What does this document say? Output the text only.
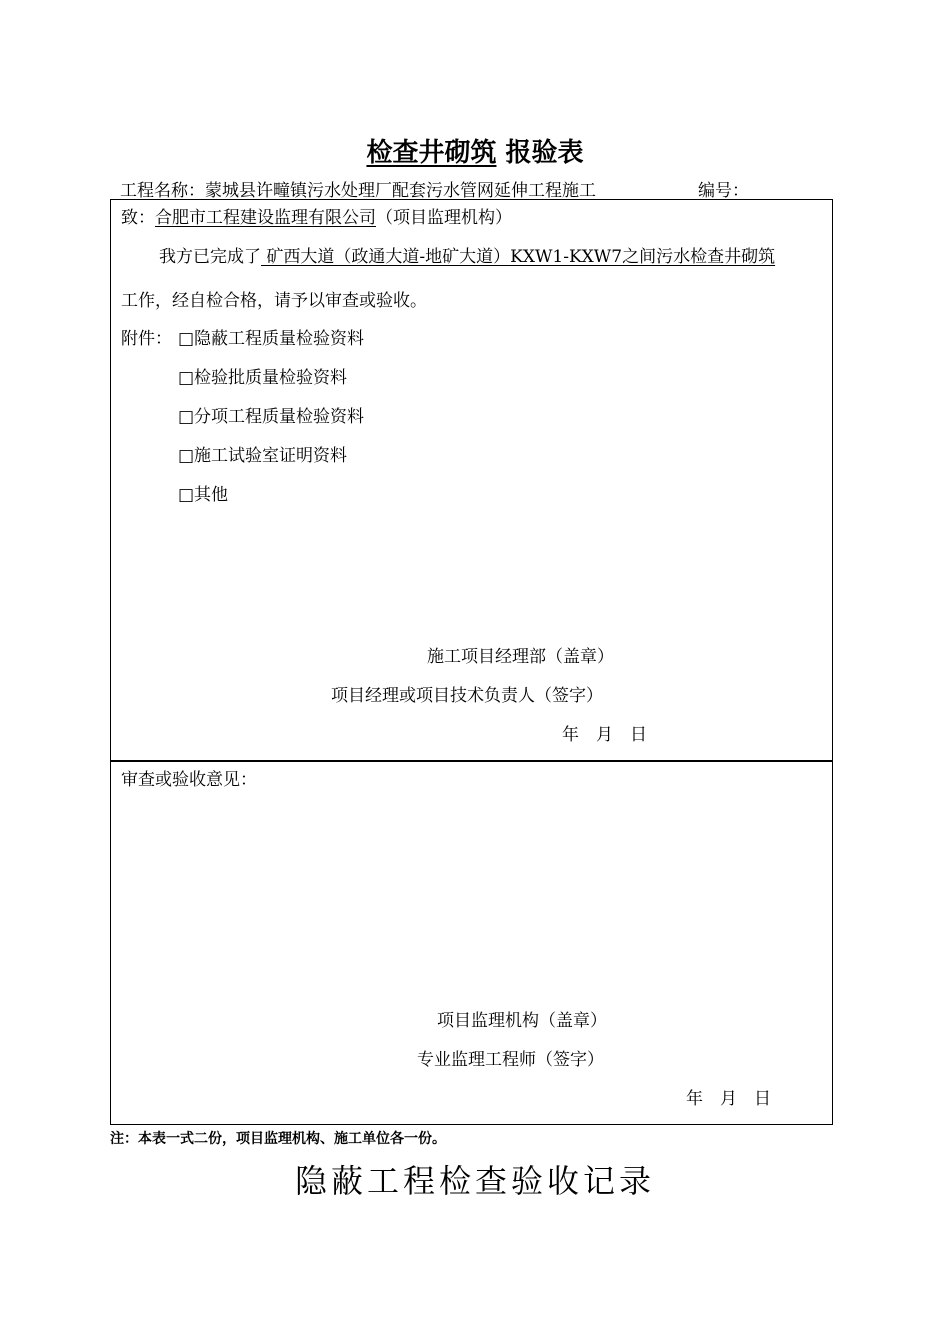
检查井砌筑 报验表
工程名称：蒙城县许疃镇污水处理厂配套污水管网延伸工程施工	编号：
致：合肥市工程建设监理有限公司（项目监理机构）
我方已完成了 矿西大道（政通大道-地矿大道）KXW1-KXW7之间污水检查井砌筑
工作，经自检合格，请予以审查或验收。
附件： □隐蔽工程质量检验资料
□检验批质量检验资料
□分项工程质量检验资料
□施工试验室证明资料
□其他
施工项目经理部（盖章）
项目经理或项目技术负责人（签字）
年　月　日
审查或验收意见：
项目监理机构（盖章）
专业监理工程师（签字）
年　月　日
注：本表一式二份，项目监理机构、施工单位各一份。
隐蔽工程检查验收记录
